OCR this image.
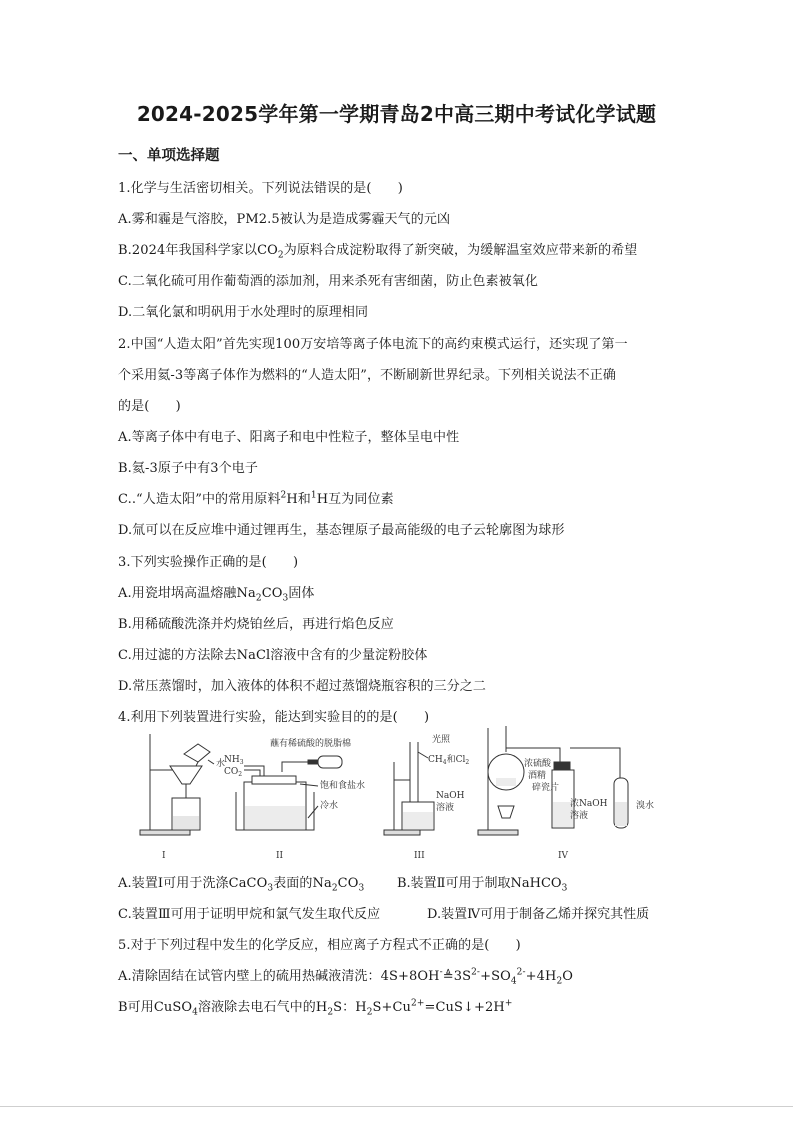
2024-2025学年第一学期青岛2中高三期中考试化学试题
一、单项选择题
1.化学与生活密切相关。下列说法错误的是(　　)
A.雾和霾是气溶胶，PM2.5被认为是造成雾霾天气的元凶
B.2024年我国科学家以$CO_2$为原料合成淀粉取得了新突破，为缓解温室效应带来新的希望
C.二氧化硫可用作葡萄酒的添加剂，用来杀死有害细菌，防止色素被氧化
D.二氧化氯和明矾用于水处理时的原理相同
2.中国“人造太阳”首先实现100万安培等离子体电流下的高约束模式运行，还实现了第一
个采用氦-3等离子体作为燃料的“人造太阳”，不断刷新世界纪录。下列相关说法不正确
的是(　　)
A.等离子体中有电子、阳离子和电中性粒子，整体呈电中性
B.氦-3原子中有3个电子
C..“人造太阳”中的常用原料$^2$H和$^1$H互为同位素
D.氚可以在反应堆中通过锂再生，基态锂原子最高能级的电子云轮廓图为球形
3.下列实验操作正确的是(　　)
A.用瓷坩埚高温熔融$Na_2CO_3$固体
B.用稀硫酸洗涤并灼烧铂丝后，再进行焰色反应
C.用过滤的方法除去NaCl溶液中含有的少量淀粉胶体
D.常压蒸馏时，加入液体的体积不超过蒸馏烧瓶容积的三分之二
4.利用下列装置进行实验，能达到实验目的的是(　　)
水
I
$NH_3$
$CO_2$
蘸有稀硫酸的脱脂棉
饱和食盐水
冷水
II
光照
$CH_4$和$Cl_2$
NaOH
溶液
III
浓硫酸
酒精
碎瓷片
浓NaOH
溶液
溴水
IV
A.装置Ⅰ可用于洗涤CaCO$_3$表面的$Na_2CO_3$	B.装置Ⅱ可用于制取NaHCO$_3$
C.装置Ⅲ可用于证明甲烷和氯气发生取代反应	D.装置Ⅳ可用于制备乙烯并探究其性质
5.对于下列过程中发生的化学反应，相应离子方程式不正确的是(　　)
A.清除固结在试管内壁上的硫用热碱液清洗：$4S+8OH^-≜3S^{2-}+SO_4^{2-}+4H_2O$
B可用CuSO$_4$溶液除去电石气中的$H_2S$：$H_2S+Cu^{2+}=CuS↓+2H^+$
